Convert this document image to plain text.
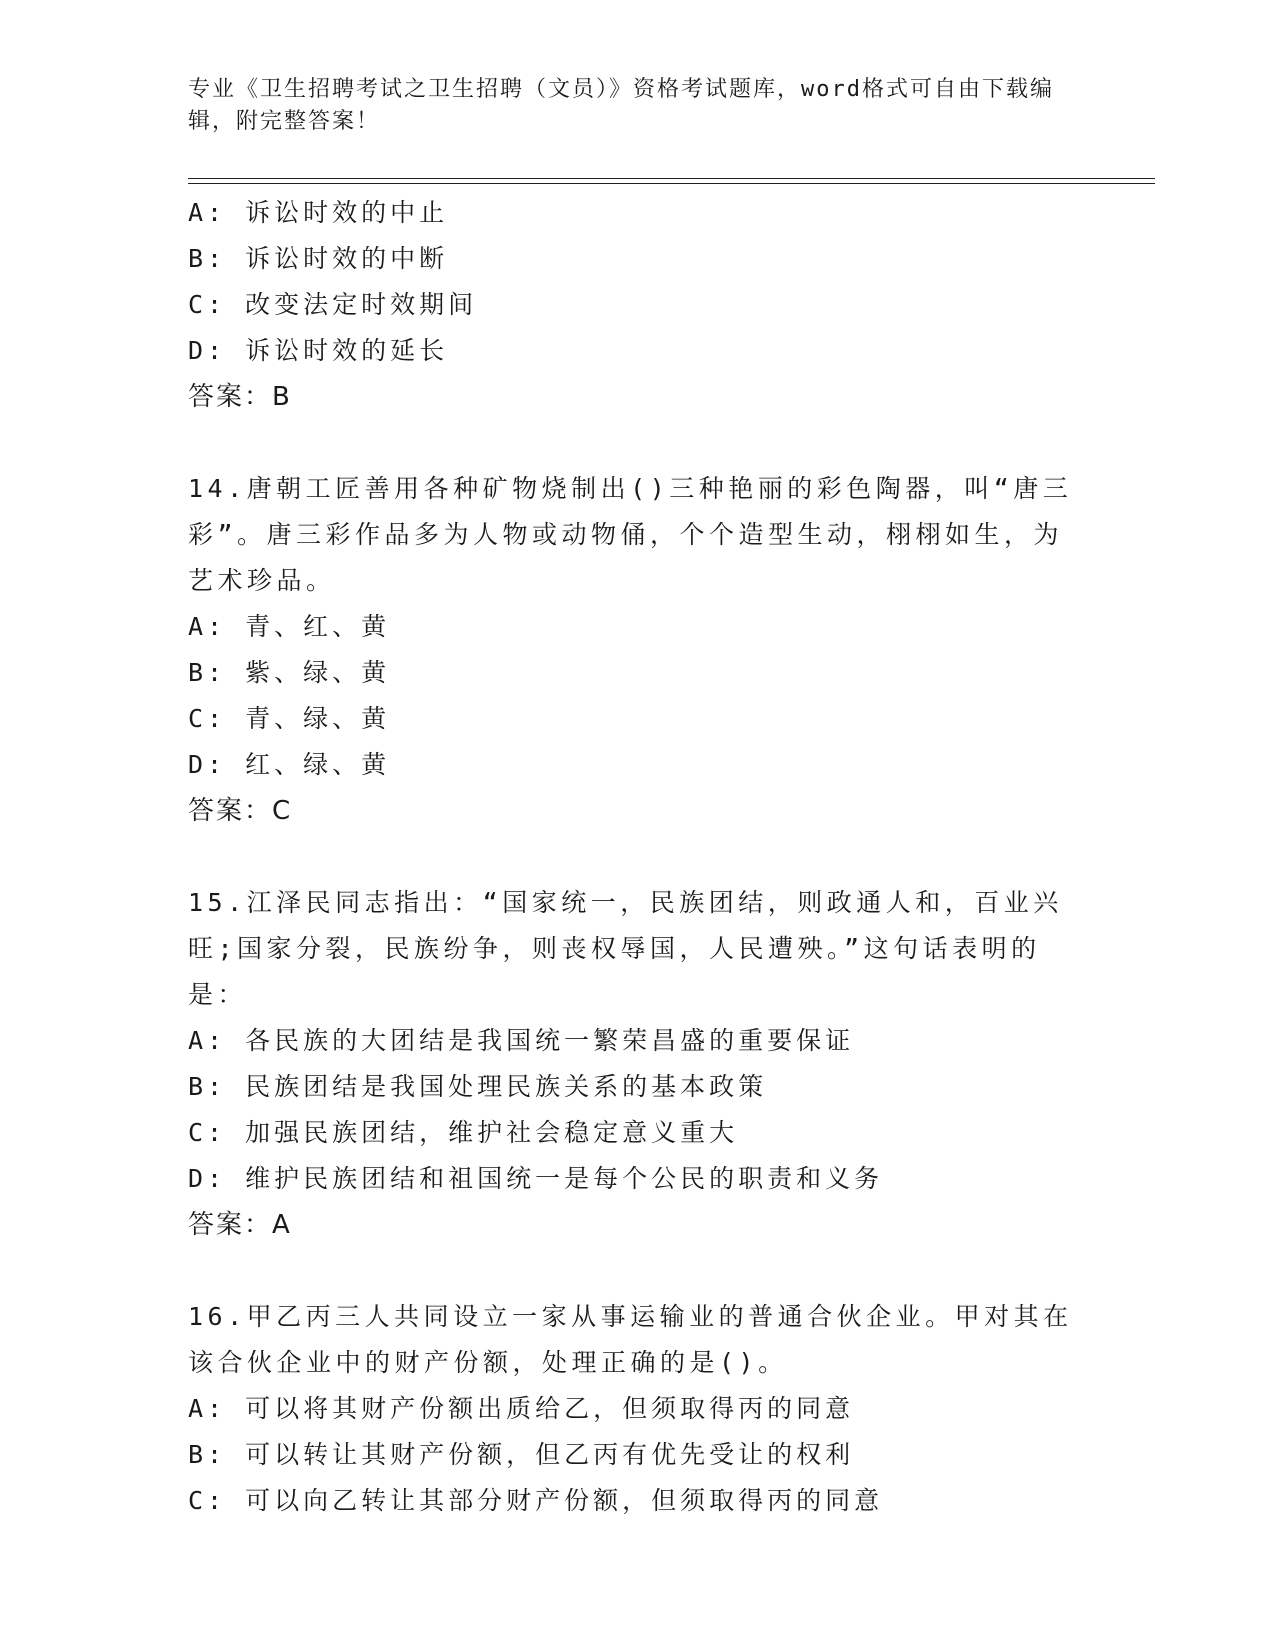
专业《卫生招聘考试之卫生招聘（文员）》资格考试题库，word格式可自由下载编辑，附完整答案！
A: 诉讼时效的中止
B: 诉讼时效的中断
C: 改变法定时效期间
D: 诉讼时效的延长
答案：B
14.唐朝工匠善用各种矿物烧制出()三种艳丽的彩色陶器，叫“唐三彩”。唐三彩作品多为人物或动物俑，个个造型生动，栩栩如生，为艺术珍品。
A: 青、红、黄
B: 紫、绿、黄
C: 青、绿、黄
D: 红、绿、黄
答案：C
15.江泽民同志指出：“国家统一，民族团结，则政通人和，百业兴旺;国家分裂，民族纷争，则丧权辱国，人民遭殃。”这句话表明的是：
A: 各民族的大团结是我国统一繁荣昌盛的重要保证
B: 民族团结是我国处理民族关系的基本政策
C: 加强民族团结，维护社会稳定意义重大
D: 维护民族团结和祖国统一是每个公民的职责和义务
答案：A
16.甲乙丙三人共同设立一家从事运输业的普通合伙企业。甲对其在该合伙企业中的财产份额，处理正确的是()。
A: 可以将其财产份额出质给乙，但须取得丙的同意
B: 可以转让其财产份额，但乙丙有优先受让的权利
C: 可以向乙转让其部分财产份额，但须取得丙的同意
